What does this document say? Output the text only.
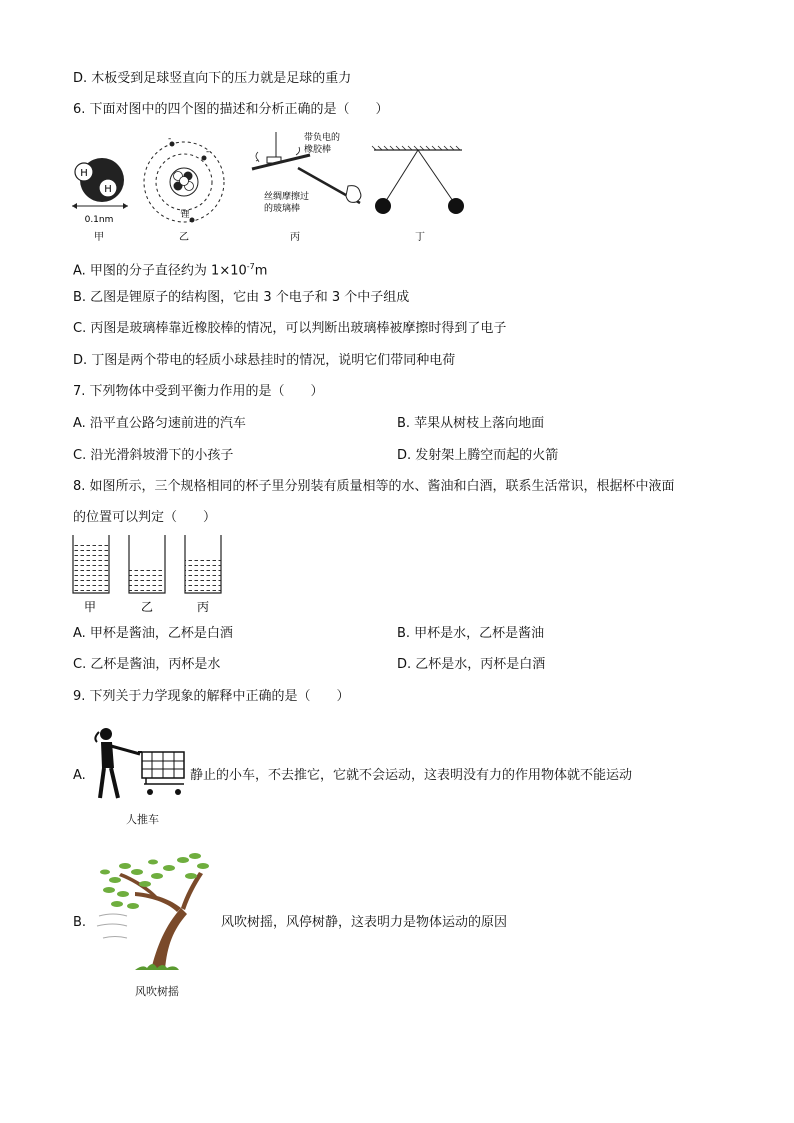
D. 木板受到足球竖直向下的压力就是足球的重力
6. 下面对图中的四个图的描述和分析正确的是（　　）
H
H
0.1nm
甲
-
-
锂
乙
带负电的
橡胶棒
丝绸摩擦过
的玻璃棒
丙	丁
A. 甲图的分子直径约为 $1\times 10^{-7}m$
B. 乙图是锂原子的结构图，它由 3 个电子和 3 个中子组成
C. 丙图是玻璃棒靠近橡胶棒的情况，可以判断出玻璃棒被摩擦时得到了电子
D. 丁图是两个带电的轻质小球悬挂时的情况，说明它们带同种电荷
7. 下列物体中受到平衡力作用的是（　　）
A. 沿平直公路匀速前进的汽车	B. 苹果从树枝上落向地面
C. 沿光滑斜坡滑下的小孩子	D. 发射架上腾空而起的火箭
8. 如图所示，三个规格相同的杯子里分别装有质量相等的水、酱油和白酒，联系生活常识，根据杯中液面
的位置可以判定（　　）
甲	乙	丙
A. 甲杯是酱油，乙杯是白酒	B. 甲杯是水，乙杯是酱油
C. 乙杯是酱油，丙杯是水	D. 乙杯是水，丙杯是白酒
9. 下列关于力学现象的解释中正确的是（　　）
A.	静止的小车，不去推它，它就不会运动，这表明没有力的作用物体就不能运动
人推车
B.	风吹树摇，风停树静，这表明力是物体运动的原因
风吹树摇
